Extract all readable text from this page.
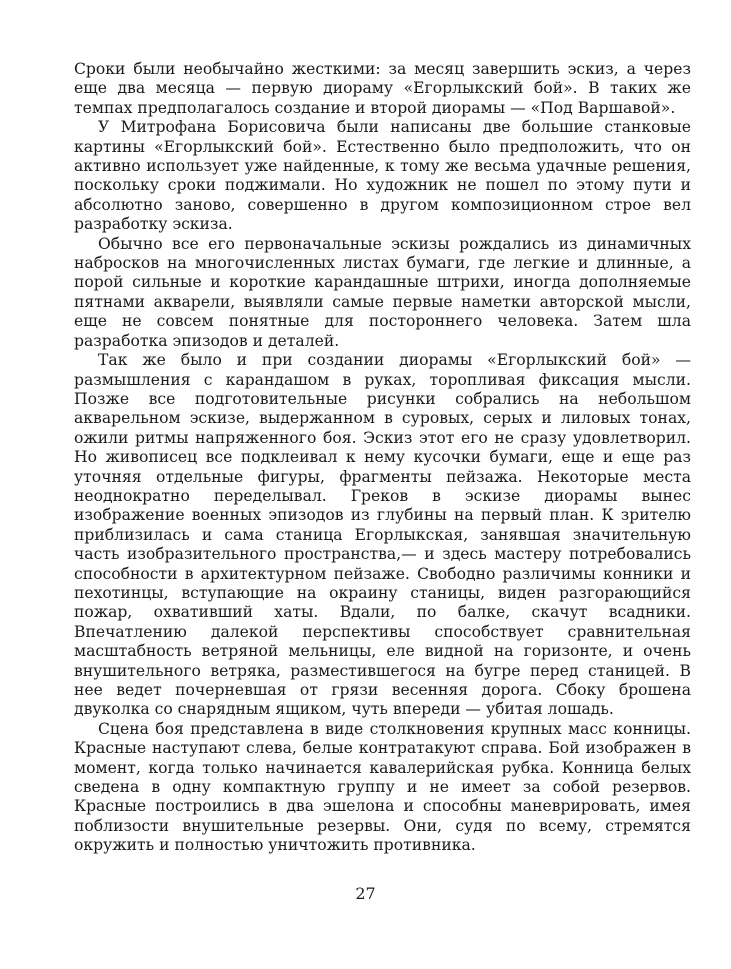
Сроки были необычайно жесткими: за месяц завершить эскиз, а через еще два месяца — первую диораму «Егорлыкский бой». В таких же темпах предполагалось создание и второй диорамы — «Под Варшавой».

У Митрофана Борисовича были написаны две большие станковые картины «Егорлыкский бой». Естественно было предположить, что он активно использует уже найденные, к тому же весьма удачные решения, поскольку сроки поджимали. Но художник не пошел по этому пути и абсолютно заново, совершенно в другом композиционном строе вел разработку эскиза.

Обычно все его первоначальные эскизы рождались из динамичных набросков на многочисленных листах бумаги, где легкие и длинные, а порой сильные и короткие карандашные штрихи, иногда дополняемые пятнами акварели, выявляли самые первые наметки авторской мысли, еще не совсем понятные для постороннего человека. Затем шла разработка эпизодов и деталей.

Так же было и при создании диорамы «Егорлыкский бой» — размышления с карандашом в руках, торопливая фиксация мысли. Позже все подготовительные рисунки собрались на небольшом акварельном эскизе, выдержанном в суровых, серых и лиловых тонах, ожили ритмы напряженного боя. Эскиз этот его не сразу удовлетворил. Но живописец все подклеивал к нему кусочки бумаги, еще и еще раз уточняя отдельные фигуры, фрагменты пейзажа. Некоторые места неоднократно переделывал. Греков в эскизе диорамы вынес изображение военных эпизодов из глубины на первый план. К зрителю приблизилась и сама станица Егорлыкская, занявшая значительную часть изобразительного пространства,— и здесь мастеру потребовались способности в архитектурном пейзаже. Свободно различимы конники и пехотинцы, вступающие на окраину станицы, виден разгорающийся пожар, охвативший хаты. Вдали, по балке, скачут всадники. Впечатлению далекой перспективы способствует сравнительная масштабность ветряной мельницы, еле видной на горизонте, и очень внушительного ветряка, разместившегося на бугре перед станицей. В нее ведет почерневшая от грязи весенняя дорога. Сбоку брошена двуколка со снарядным ящиком, чуть впереди — убитая лошадь.

Сцена боя представлена в виде столкновения крупных масс конницы. Красные наступают слева, белые контратакуют справа. Бой изображен в момент, когда только начинается кавалерийская рубка. Конница белых сведена в одну компактную группу и не имеет за собой резервов. Красные построились в два эшелона и способны маневрировать, имея поблизости внушительные резервы. Они, судя по всему, стремятся окружить и полностью уничтожить противника.

27
